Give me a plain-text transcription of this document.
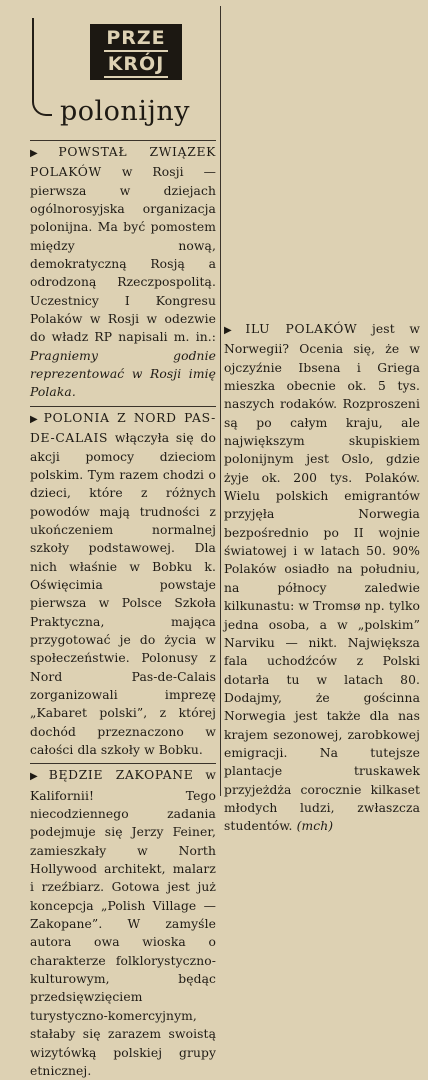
PRZE
KRÓJ
polonijny

▶ POWSTAŁ ZWIĄZEK POLAKÓW w Rosji — pierwsza w dziejach ogólnorosyjska organizacja polonijna. Ma być pomostem między nową, demokratyczną Rosją a odrodzoną Rzeczpospolitą. Uczestnicy I Kongresu Polaków w Rosji w odezwie do władz RP napisali m. in.: Pragniemy godnie reprezentować w Rosji imię Polaka.

▶ POLONIA Z NORD PAS-DE-CALAIS włączyła się do akcji pomocy dzieciom polskim. Tym razem chodzi o dzieci, które z różnych powodów mają trudności z ukończeniem normalnej szkoły podstawowej. Dla nich właśnie w Bobku k. Oświęcimia powstaje pierwsza w Polsce Szkoła Praktyczna, mająca przygotować je do życia w społeczeństwie. Polonusy z Nord Pas-de-Calais zorganizowali imprezę „Kabaret polski”, z której dochód przeznaczono w całości dla szkoły w Bobku.

▶ BĘDZIE ZAKOPANE w Kalifornii! Tego niecodziennego zadania podejmuje się Jerzy Feiner, zamieszkały w North Hollywood architekt, malarz i rzeźbiarz. Gotowa jest już koncepcja „Polish Village — Zakopane”. W zamyśle autora owa wioska o charakterze folklorystyczno-kulturowym, będąc przedsięwzięciem turystyczno-komercyjnym, stałaby się zarazem swoistą wizytówką polskiej grupy etnicznej.

▶ ILU POLAKÓW jest w Norwegii? Ocenia się, że w ojczyźnie Ibsena i Griega mieszka obecnie ok. 5 tys. naszych rodaków. Rozproszeni są po całym kraju, ale największym skupiskiem polonijnym jest Oslo, gdzie żyje ok. 200 tys. Polaków. Wielu polskich emigrantów przyjęła Norwegia bezpośrednio po II wojnie światowej i w latach 50. 90% Polaków osiadło na południu, na północy zaledwie kilkunastu: w Tromsø np. tylko jedna osoba, a w „polskim” Narviku — nikt. Największa fala uchodźców z Polski dotarła tu w latach 80. Dodajmy, że gościnna Norwegia jest także dla nas krajem sezonowej, zarobkowej emigracji. Na tutejsze plantacje truskawek przyjeżdża corocznie kilkaset młodych ludzi, zwłaszcza studentów. (mch)
